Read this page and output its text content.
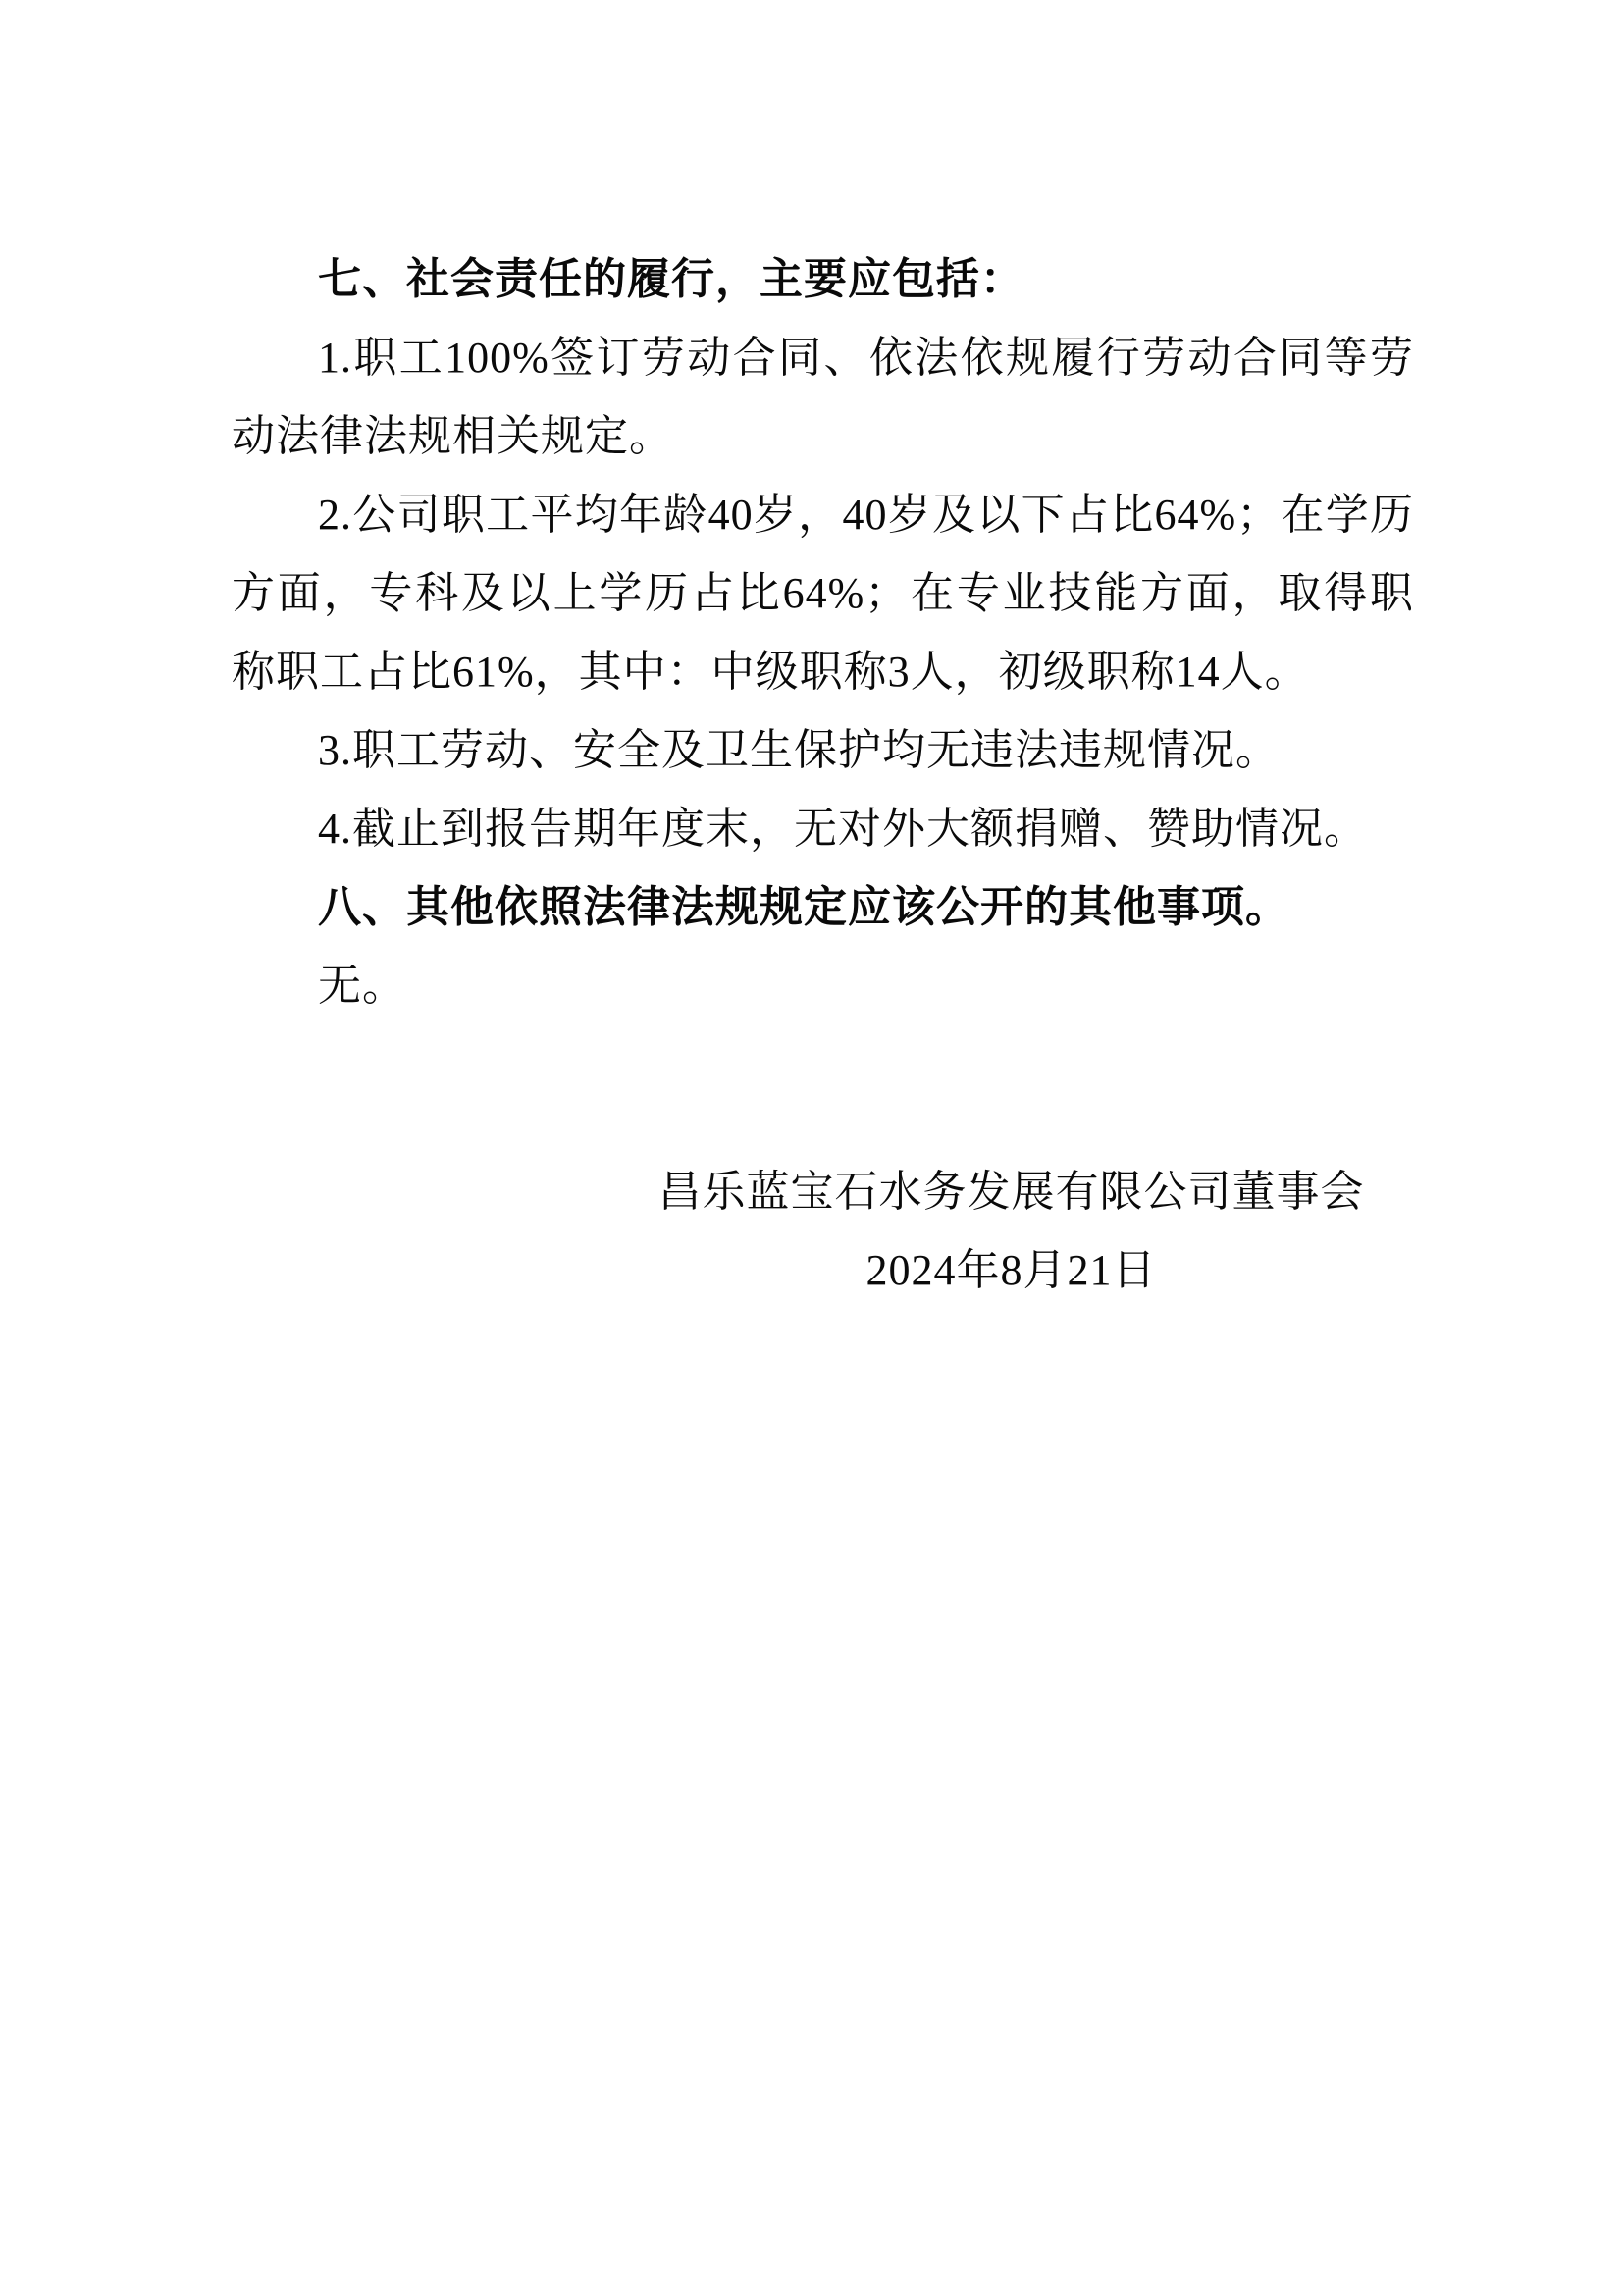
七、社会责任的履行，主要应包括：

1.职工100%签订劳动合同、依法依规履行劳动合同等劳动法律法规相关规定。

2.公司职工平均年龄40岁，40岁及以下占比64%；在学历方面，专科及以上学历占比64%；在专业技能方面，取得职称职工占比61%，其中：中级职称3人，初级职称14人。

3.职工劳动、安全及卫生保护均无违法违规情况。

4.截止到报告期年度末，无对外大额捐赠、赞助情况。

八、其他依照法律法规规定应该公开的其他事项。

无。

昌乐蓝宝石水务发展有限公司董事会

2024年8月21日
